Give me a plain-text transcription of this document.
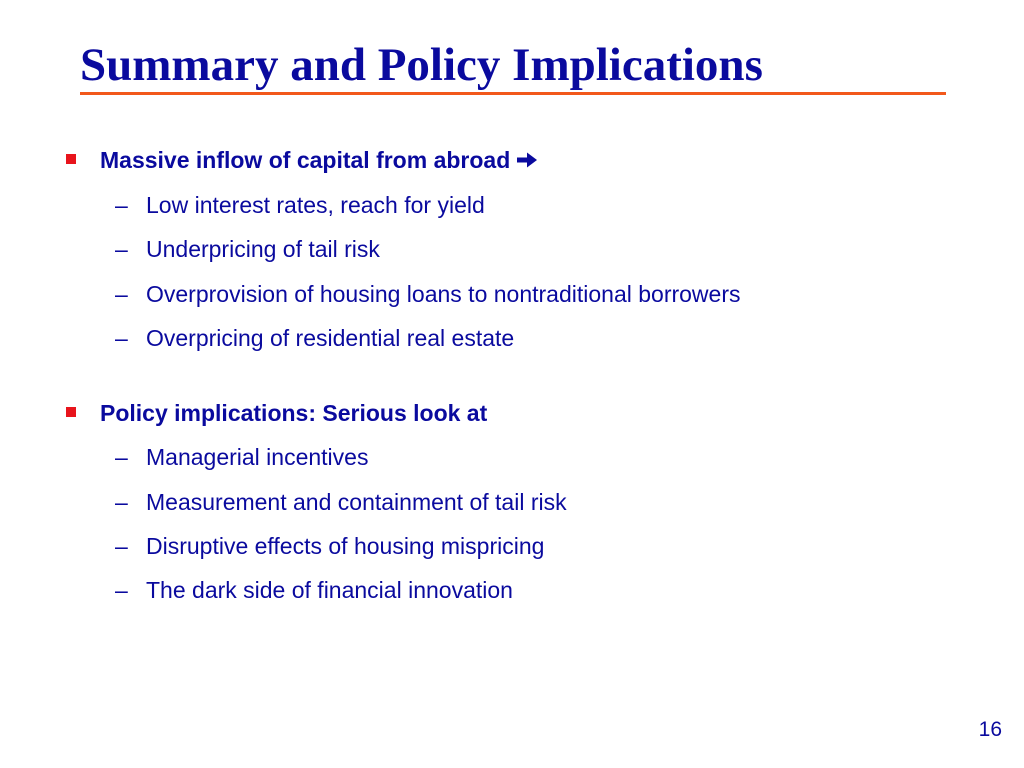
Summary and Policy Implications
Massive inflow of capital from abroad
– Low interest rates, reach for yield
– Underpricing of tail risk
– Overprovision of housing loans to nontraditional borrowers
– Overpricing of residential real estate
Policy implications: Serious look at
– Managerial incentives
– Measurement and containment of tail risk
– Disruptive effects of housing mispricing
– The dark side of financial innovation
16
